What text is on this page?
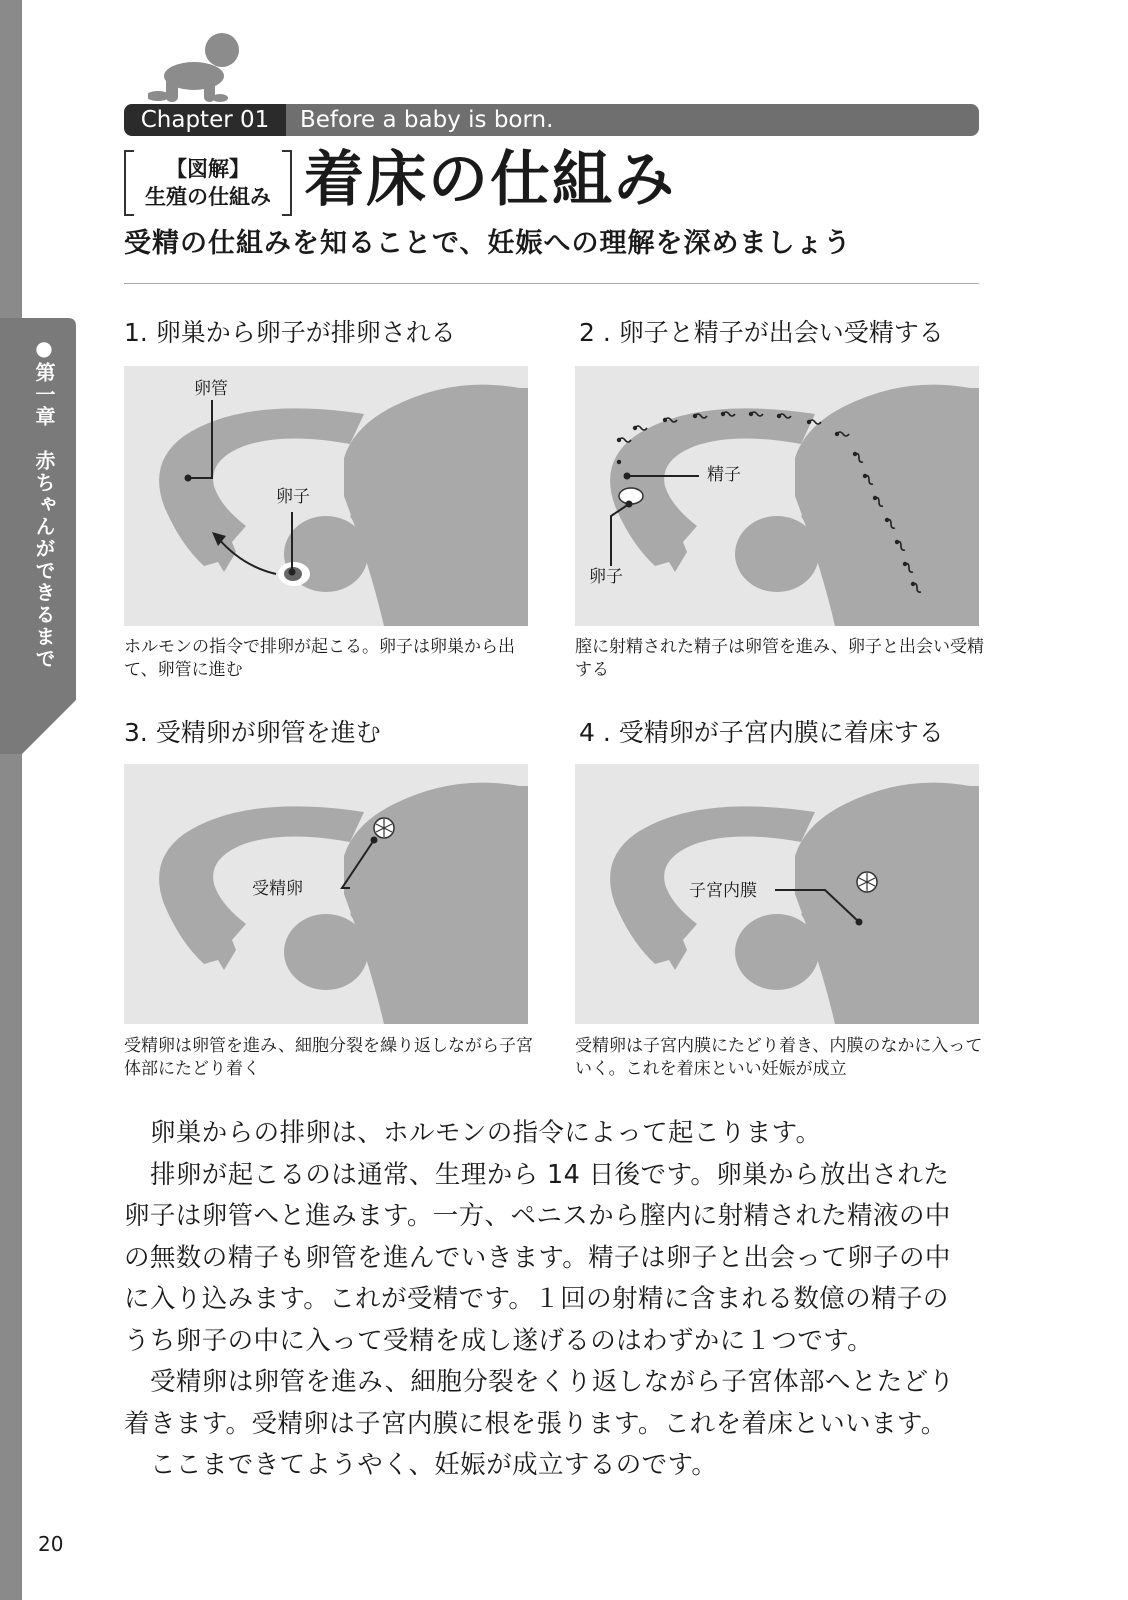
●第一章　赤ちゃんができるまで
20
Chapter 01	Before a baby is born.
【図解】
生殖の仕組み 着床の仕組み
受精の仕組みを知ることで、妊娠への理解を深めましょう
1. 卵巣から卵子が排卵される
卵管
卵子
ホルモンの指令で排卵が起こる。卵子は卵巣から出て、卵管に進む
2 . 卵子と精子が出会い受精する
精子
卵子
膣に射精された精子は卵管を進み、卵子と出会い受精する
3. 受精卵が卵管を進む
受精卵
受精卵は卵管を進み、細胞分裂を繰り返しながら子宮体部にたどり着く
4 . 受精卵が子宮内膜に着床する
子宮内膜
受精卵は子宮内膜にたどり着き、内膜のなかに入っていく。これを着床といい妊娠が成立
卵巣からの排卵は、ホルモンの指令によって起こります。
排卵が起こるのは通常、生理から 14 日後です。卵巣から放出された
卵子は卵管へと進みます。一方、ペニスから膣内に射精された精液の中
の無数の精子も卵管を進んでいきます。精子は卵子と出会って卵子の中
に入り込みます。これが受精です。１回の射精に含まれる数億の精子の
うち卵子の中に入って受精を成し遂げるのはわずかに１つです。
受精卵は卵管を進み、細胞分裂をくり返しながら子宮体部へとたどり
着きます。受精卵は子宮内膜に根を張ります。これを着床といいます。
ここまできてようやく、妊娠が成立するのです。
